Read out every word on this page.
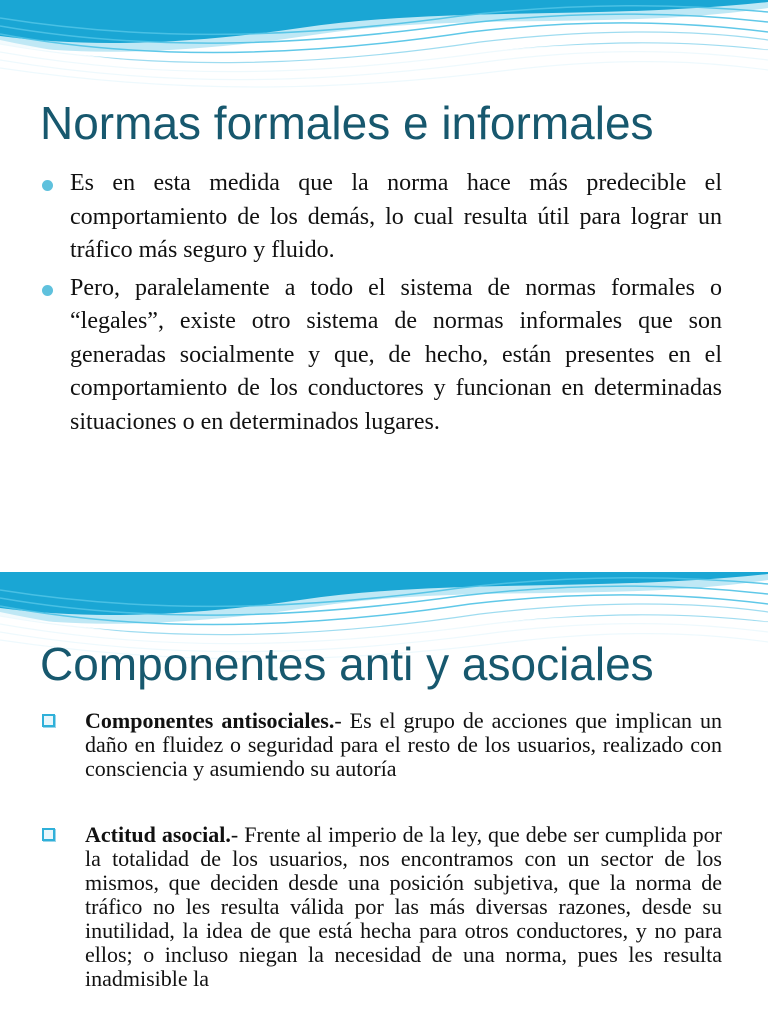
Normas formales e informales
Es en esta medida que la norma hace más predecible el comportamiento de los demás, lo cual resulta útil para lograr un tráfico más seguro y fluido.
Pero, paralelamente a todo el sistema de normas formales o “legales”, existe otro sistema de normas informales que son generadas socialmente y que, de hecho, están presentes en el comportamiento de los conductores y funcionan en determinadas situaciones o en determinados lugares.
Componentes anti y asociales
Componentes antisociales.- Es el grupo de acciones que implican un daño en fluidez o seguridad para el resto de los usuarios, realizado con consciencia y asumiendo su autoría
Actitud asocial.- Frente al imperio de la ley, que debe ser cumplida por la totalidad de los usuarios, nos encontramos con un sector de los mismos, que deciden desde una posición subjetiva, que la norma de tráfico no les resulta válida por las más diversas razones, desde su inutilidad, la idea de que está hecha para otros conductores, y no para ellos; o incluso niegan la necesidad de una norma, pues les resulta inadmisible la
